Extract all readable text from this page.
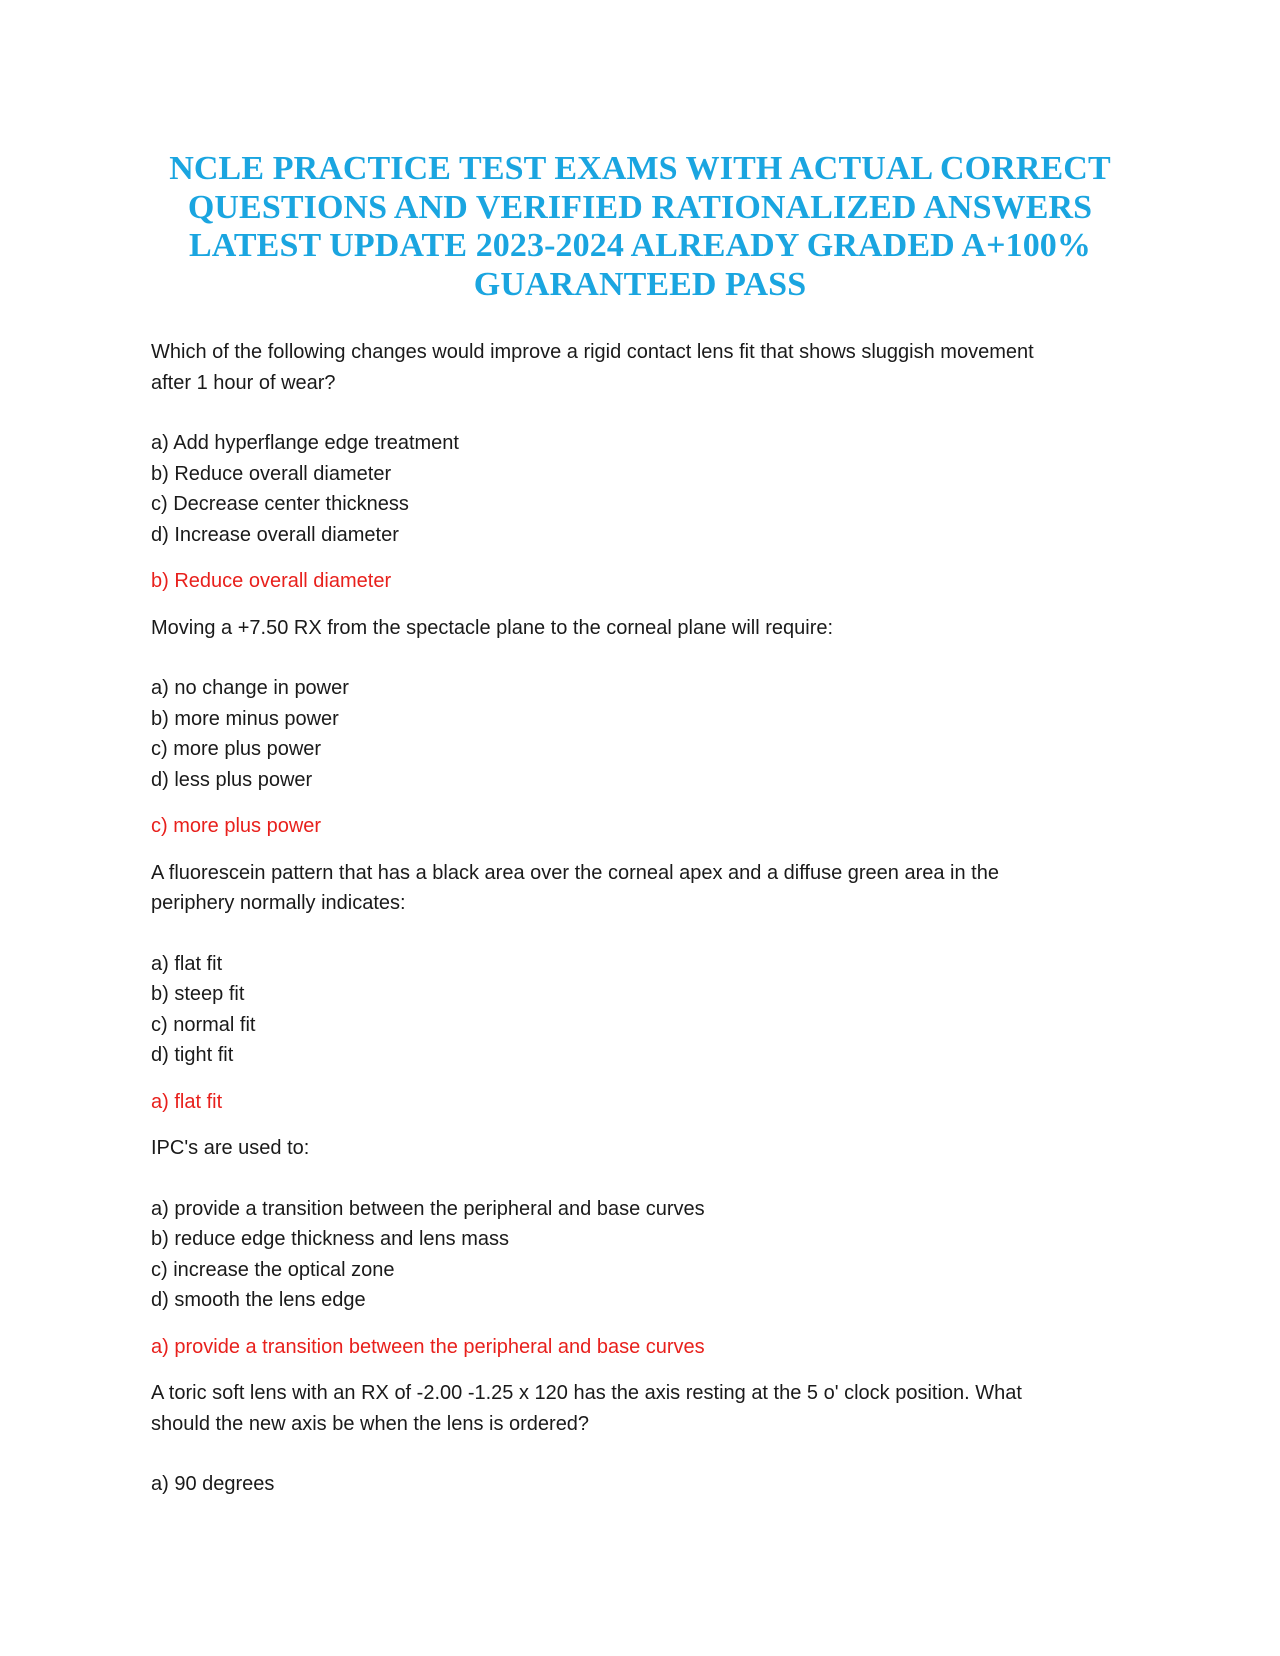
NCLE PRACTICE TEST EXAMS WITH ACTUAL CORRECT
QUESTIONS AND VERIFIED RATIONALIZED ANSWERS
LATEST UPDATE 2023-2024 ALREADY GRADED A+100%
GUARANTEED PASS
Which of the following changes would improve a rigid contact lens fit that shows sluggish movement
after 1 hour of wear?
a) Add hyperflange edge treatment
b) Reduce overall diameter
c) Decrease center thickness
d) Increase overall diameter
b) Reduce overall diameter
Moving a +7.50 RX from the spectacle plane to the corneal plane will require:
a) no change in power
b) more minus power
c) more plus power
d) less plus power
c) more plus power
A fluorescein pattern that has a black area over the corneal apex and a diffuse green area in the
periphery normally indicates:
a) flat fit
b) steep fit
c) normal fit
d) tight fit
a) flat fit
IPC's are used to:
a) provide a transition between the peripheral and base curves
b) reduce edge thickness and lens mass
c) increase the optical zone
d) smooth the lens edge
a) provide a transition between the peripheral and base curves
A toric soft lens with an RX of -2.00 -1.25 x 120 has the axis resting at the 5 o' clock position. What
should the new axis be when the lens is ordered?
a) 90 degrees
